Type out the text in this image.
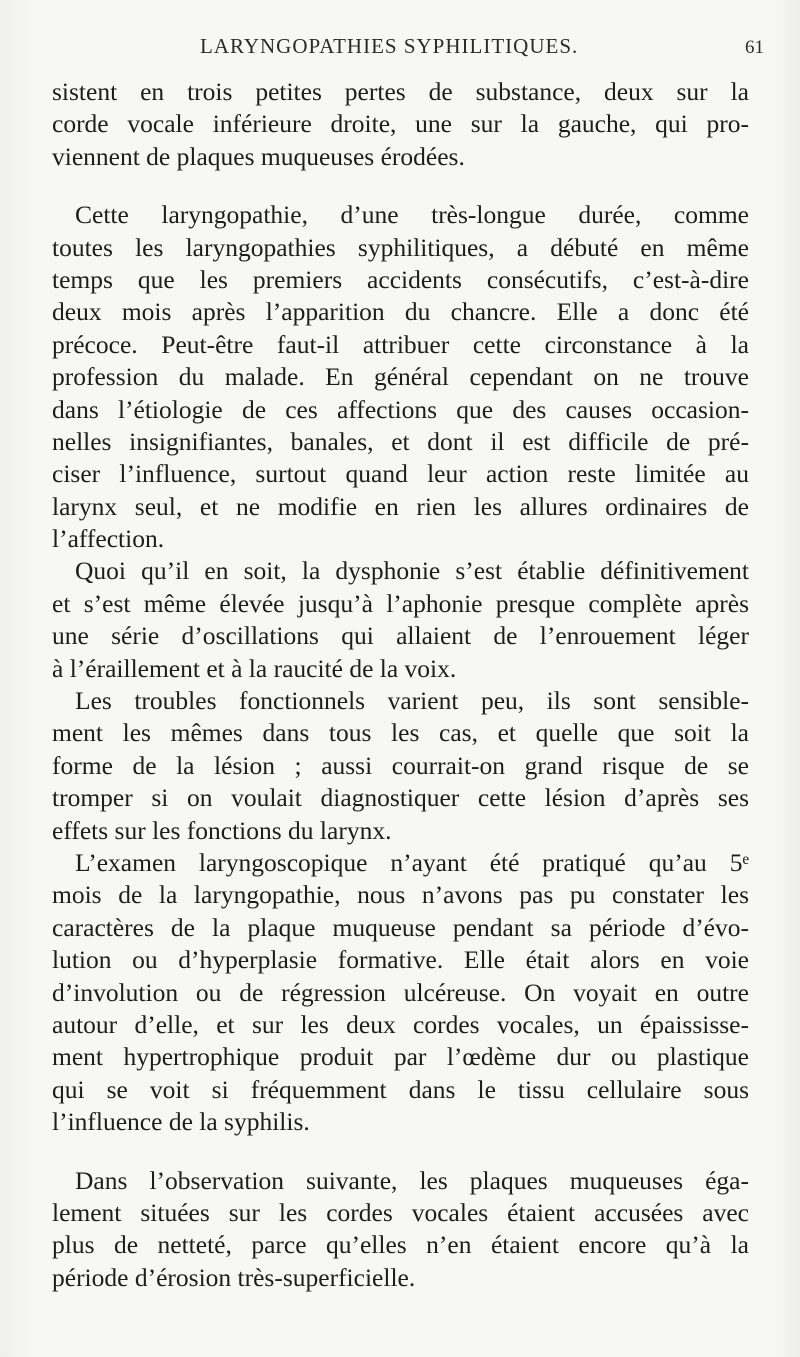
LARYNGOPATHIES SYPHILITIQUES.	61
sistent en trois petites pertes de substance, deux sur la
corde vocale inférieure droite, une sur la gauche, qui pro-
viennent de plaques muqueuses érodées.
Cette laryngopathie, d’une très-longue durée, comme
toutes les laryngopathies syphilitiques, a débuté en même
temps que les premiers accidents consécutifs, c’est-à-dire
deux mois après l’apparition du chancre. Elle a donc été
précoce. Peut-être faut-il attribuer cette circonstance à la
profession du malade. En général cependant on ne trouve
dans l’étiologie de ces affections que des causes occasion-
nelles insignifiantes, banales, et dont il est difficile de pré-
ciser l’influence, surtout quand leur action reste limitée au
larynx seul, et ne modifie en rien les allures ordinaires de
l’affection.
Quoi qu’il en soit, la dysphonie s’est établie définitivement
et s’est même élevée jusqu’à l’aphonie presque complète après
une série d’oscillations qui allaient de l’enrouement léger
à l’éraillement et à la raucité de la voix.
Les troubles fonctionnels varient peu, ils sont sensible-
ment les mêmes dans tous les cas, et quelle que soit la
forme de la lésion ; aussi courrait-on grand risque de se
tromper si on voulait diagnostiquer cette lésion d’après ses
effets sur les fonctions du larynx.
L’examen laryngoscopique n’ayant été pratiqué qu’au 5ᵉ
mois de la laryngopathie, nous n’avons pas pu constater les
caractères de la plaque muqueuse pendant sa période d’évo-
lution ou d’hyperplasie formative. Elle était alors en voie
d’involution ou de régression ulcéreuse. On voyait en outre
autour d’elle, et sur les deux cordes vocales, un épaississe-
ment hypertrophique produit par l’œdème dur ou plastique
qui se voit si fréquemment dans le tissu cellulaire sous
l’influence de la syphilis.
Dans l’observation suivante, les plaques muqueuses éga-
lement situées sur les cordes vocales étaient accusées avec
plus de netteté, parce qu’elles n’en étaient encore qu’à la
période d’érosion très-superficielle.
